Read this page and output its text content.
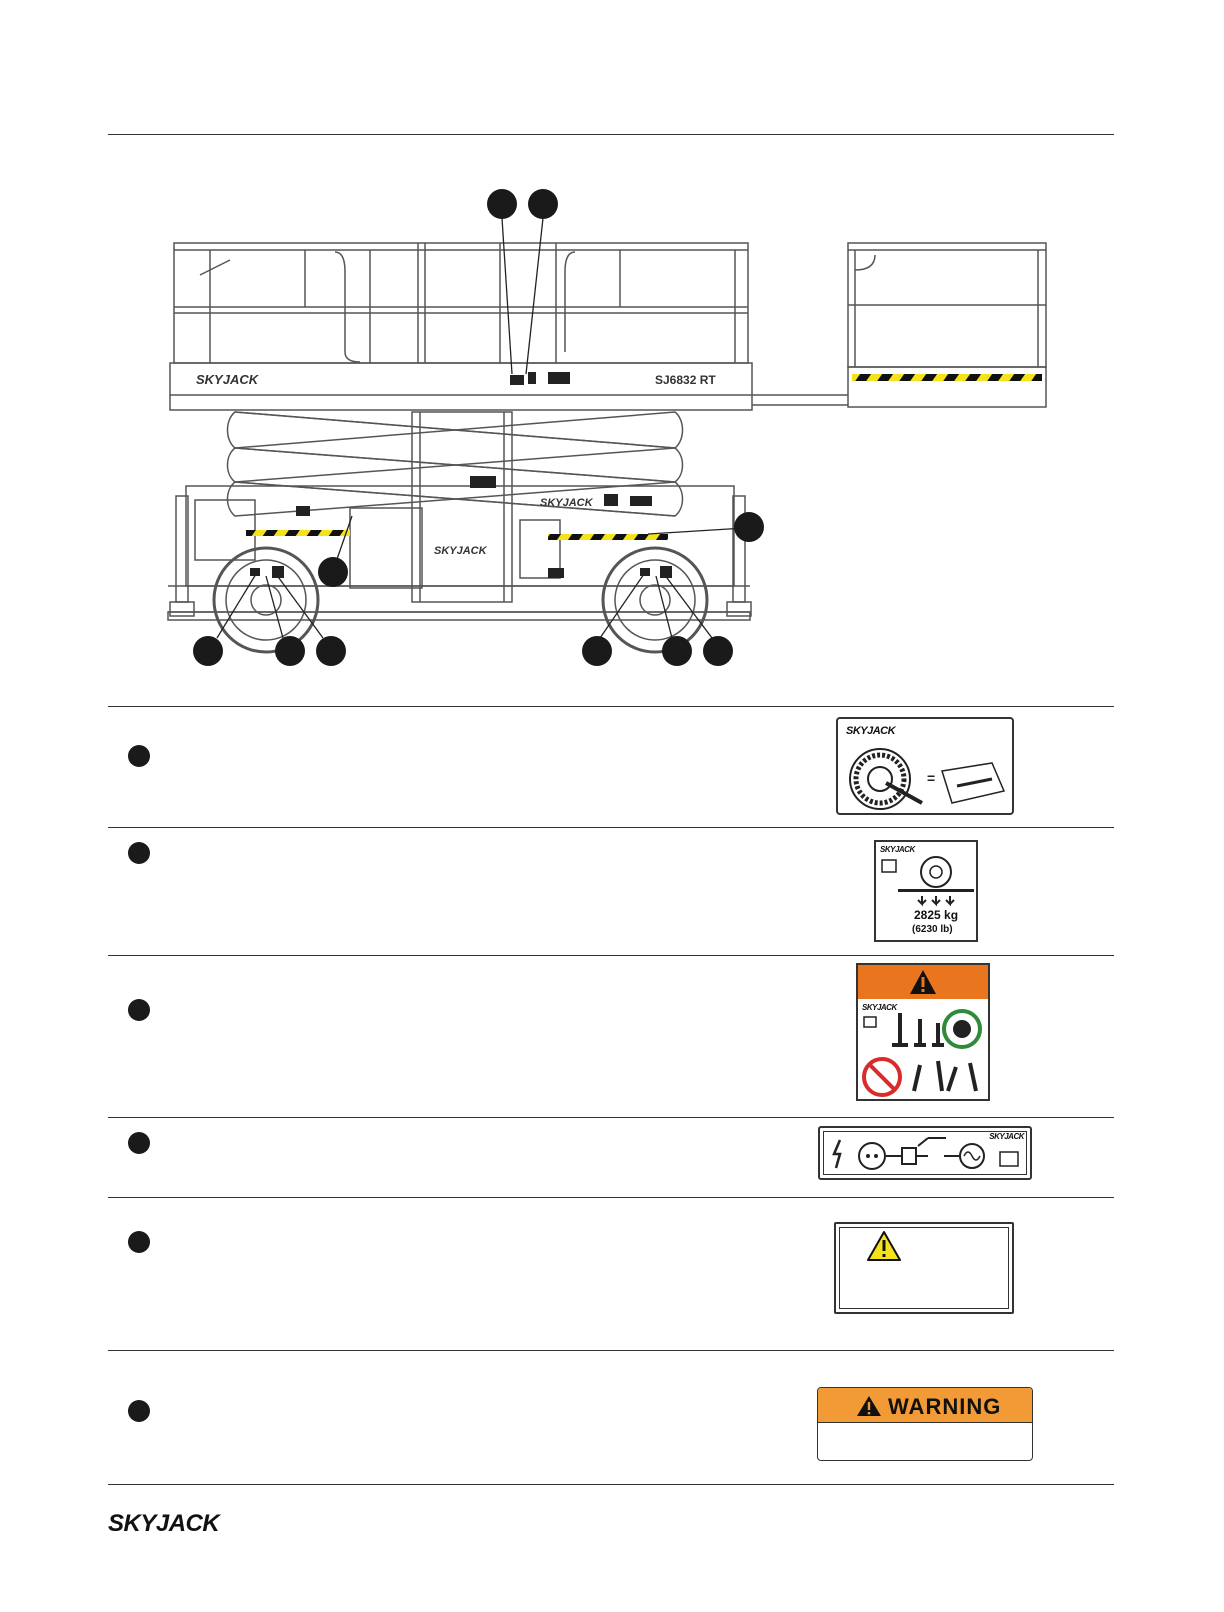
SKYJACK	SJ6832 RT
SKYJACK
SKYJACK
SKYJACK
=
SKYJACK
2825 kg
(6230 lb)
SKYJACK
SKYJACK
WARNING
SKYJACK
